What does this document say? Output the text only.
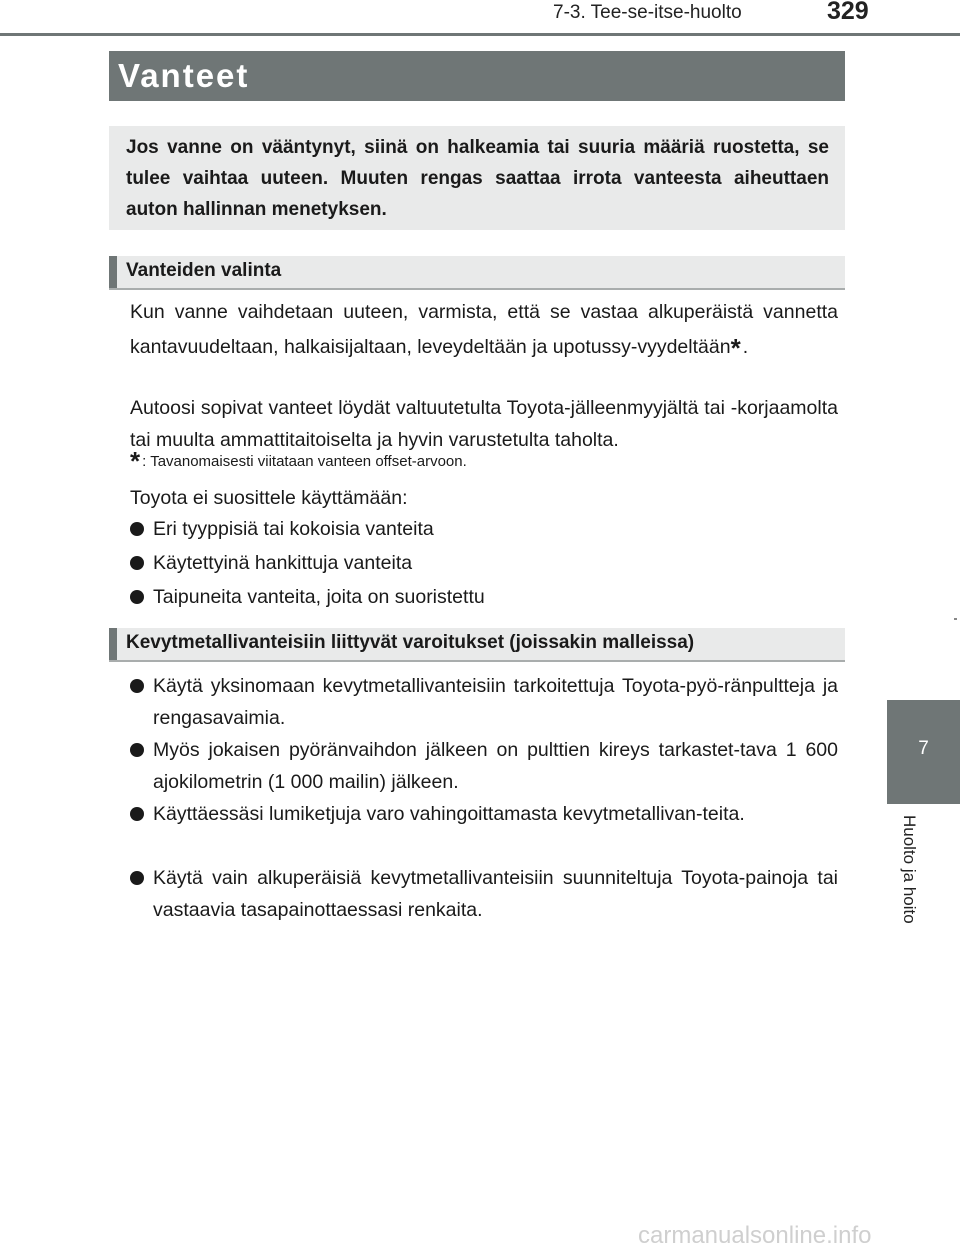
7-3. Tee-se-itse-huolto	329
Vanteet
Jos vanne on vääntynyt, siinä on halkeamia tai suuria määriä ruostetta, se tulee vaihtaa uuteen. Muuten rengas saattaa irrota vanteesta aiheuttaen auton hallinnan menetyksen.
Vanteiden valinta
Kun vanne vaihdetaan uuteen, varmista, että se vastaa alkuperäistä vannetta kantavuudeltaan, halkaisijaltaan, leveydeltään ja upotussy-vyydeltään* .
Autoosi sopivat vanteet löydät valtuutetulta Toyota-jälleenmyyjältä tai -korjaamolta tai muulta ammattitaitoiselta ja hyvin varustetulta taholta.
* : Tavanomaisesti viitataan vanteen offset-arvoon.
Toyota ei suosittele käyttämään:
Eri tyyppisiä tai kokoisia vanteita
Käytettyinä hankittuja vanteita
Taipuneita vanteita, joita on suoristettu
Kevytmetallivanteisiin liittyvät varoitukset (joissakin malleissa)
Käytä yksinomaan kevytmetallivanteisiin tarkoitettuja Toyota-pyö-ränpultteja ja rengasavaimia.
Myös jokaisen pyöränvaihdon jälkeen on pulttien kireys tarkastet-tava 1 600 ajokilometrin (1 000 mailin) jälkeen.
Käyttäessäsi lumiketjuja varo vahingoittamasta kevytmetallivan-teita.
Käytä vain alkuperäisiä kevytmetallivanteisiin suunniteltuja Toyota-painoja tai vastaavia tasapainottaessasi renkaita.
7
Huolto ja hoito
carmanualsonline.info
